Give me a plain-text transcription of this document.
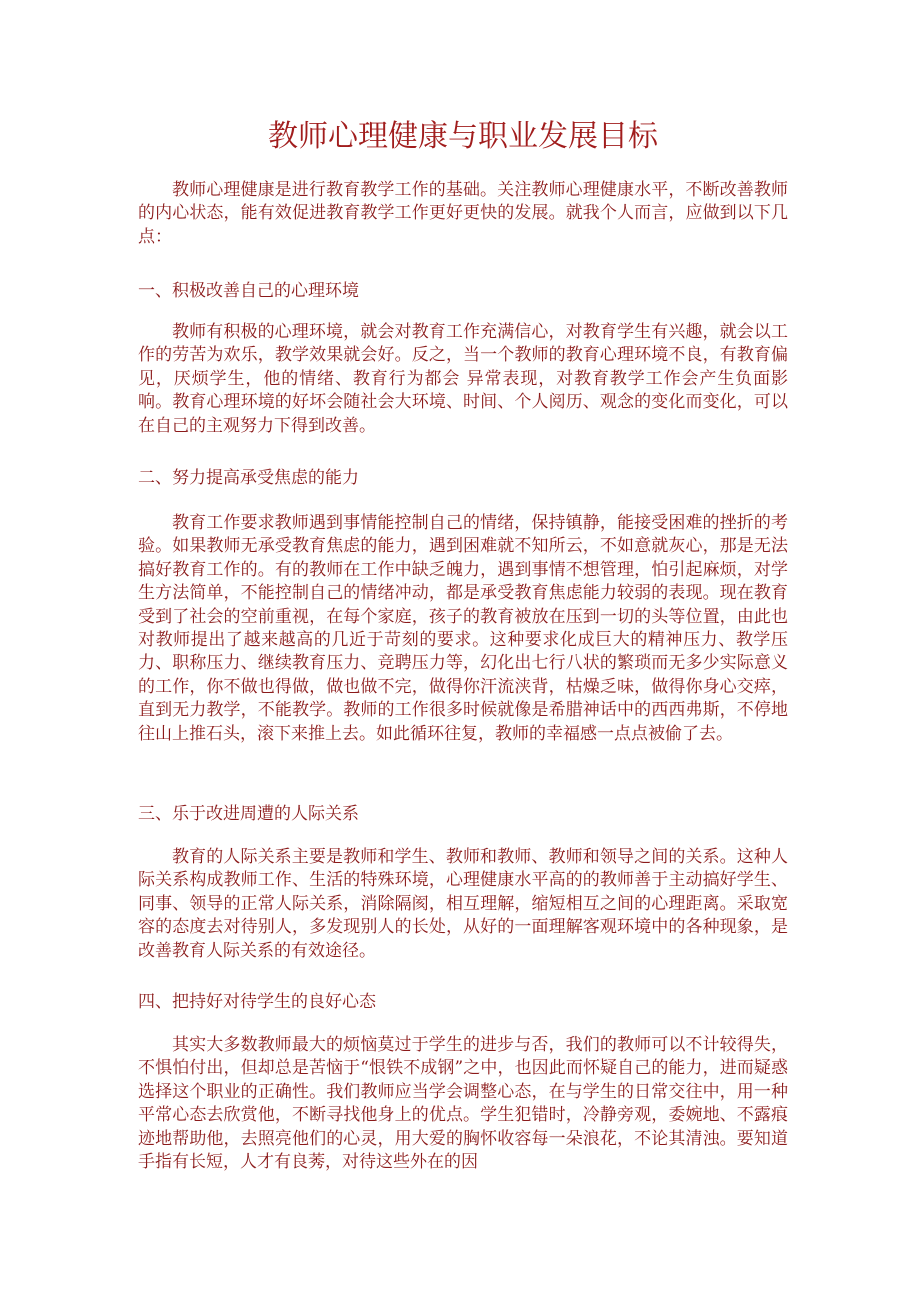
教师心理健康与职业发展目标

教师心理健康是进行教育教学工作的基础。关注教师心理健康水平，不断改善教师的内心状态，能有效促进教育教学工作更好更快的发展。就我个人而言，应做到以下几点：

一、积极改善自己的心理环境

教师有积极的心理环境，就会对教育工作充满信心，对教育学生有兴趣，就会以工作的劳苦为欢乐，教学效果就会好。反之，当一个教师的教育心理环境不良，有教育偏见，厌烦学生，他的情绪、教育行为都会 异常表现，对教育教学工作会产生负面影响。教育心理环境的好坏会随社会大环境、时间、个人阅历、观念的变化而变化，可以在自己的主观努力下得到改善。

二、努力提高承受焦虑的能力

教育工作要求教师遇到事情能控制自己的情绪，保持镇静，能接受困难的挫折的考验。如果教师无承受教育焦虑的能力，遇到困难就不知所云，不如意就灰心，那是无法搞好教育工作的。有的教师在工作中缺乏魄力，遇到事情不想管理，怕引起麻烦，对学生方法简单，不能控制自己的情绪冲动，都是承受教育焦虑能力较弱的表现。现在教育受到了社会的空前重视，在每个家庭，孩子的教育被放在压到一切的头等位置，由此也对教师提出了越来越高的几近于苛刻的要求。这种要求化成巨大的精神压力、教学压力、职称压力、继续教育压力、竞聘压力等，幻化出七行八状的繁琐而无多少实际意义的工作，你不做也得做，做也做不完，做得你汗流浃背，枯燥乏味，做得你身心交瘁，直到无力教学，不能教学。教师的工作很多时候就像是希腊神话中的西西弗斯，不停地往山上推石头，滚下来推上去。如此循环往复，教师的幸福感一点点被偷了去。

三、乐于改进周遭的人际关系

教育的人际关系主要是教师和学生、教师和教师、教师和领导之间的关系。这种人际关系构成教师工作、生活的特殊环境，心理健康水平高的的教师善于主动搞好学生、同事、领导的正常人际关系，消除隔阂，相互理解，缩短相互之间的心理距离。采取宽容的态度去对待别人，多发现别人的长处，从好的一面理解客观环境中的各种现象，是改善教育人际关系的有效途径。

四、把持好对待学生的良好心态

其实大多数教师最大的烦恼莫过于学生的进步与否，我们的教师可以不计较得失，不惧怕付出，但却总是苦恼于“恨铁不成钢”之中，也因此而怀疑自己的能力，进而疑惑选择这个职业的正确性。我们教师应当学会调整心态，在与学生的日常交往中，用一种平常心态去欣赏他，不断寻找他身上的优点。学生犯错时，冷静旁观，委婉地、不露痕迹地帮助他，去照亮他们的心灵，用大爱的胸怀收容每一朵浪花，不论其清浊。要知道手指有长短，人才有良莠，对待这些外在的因
